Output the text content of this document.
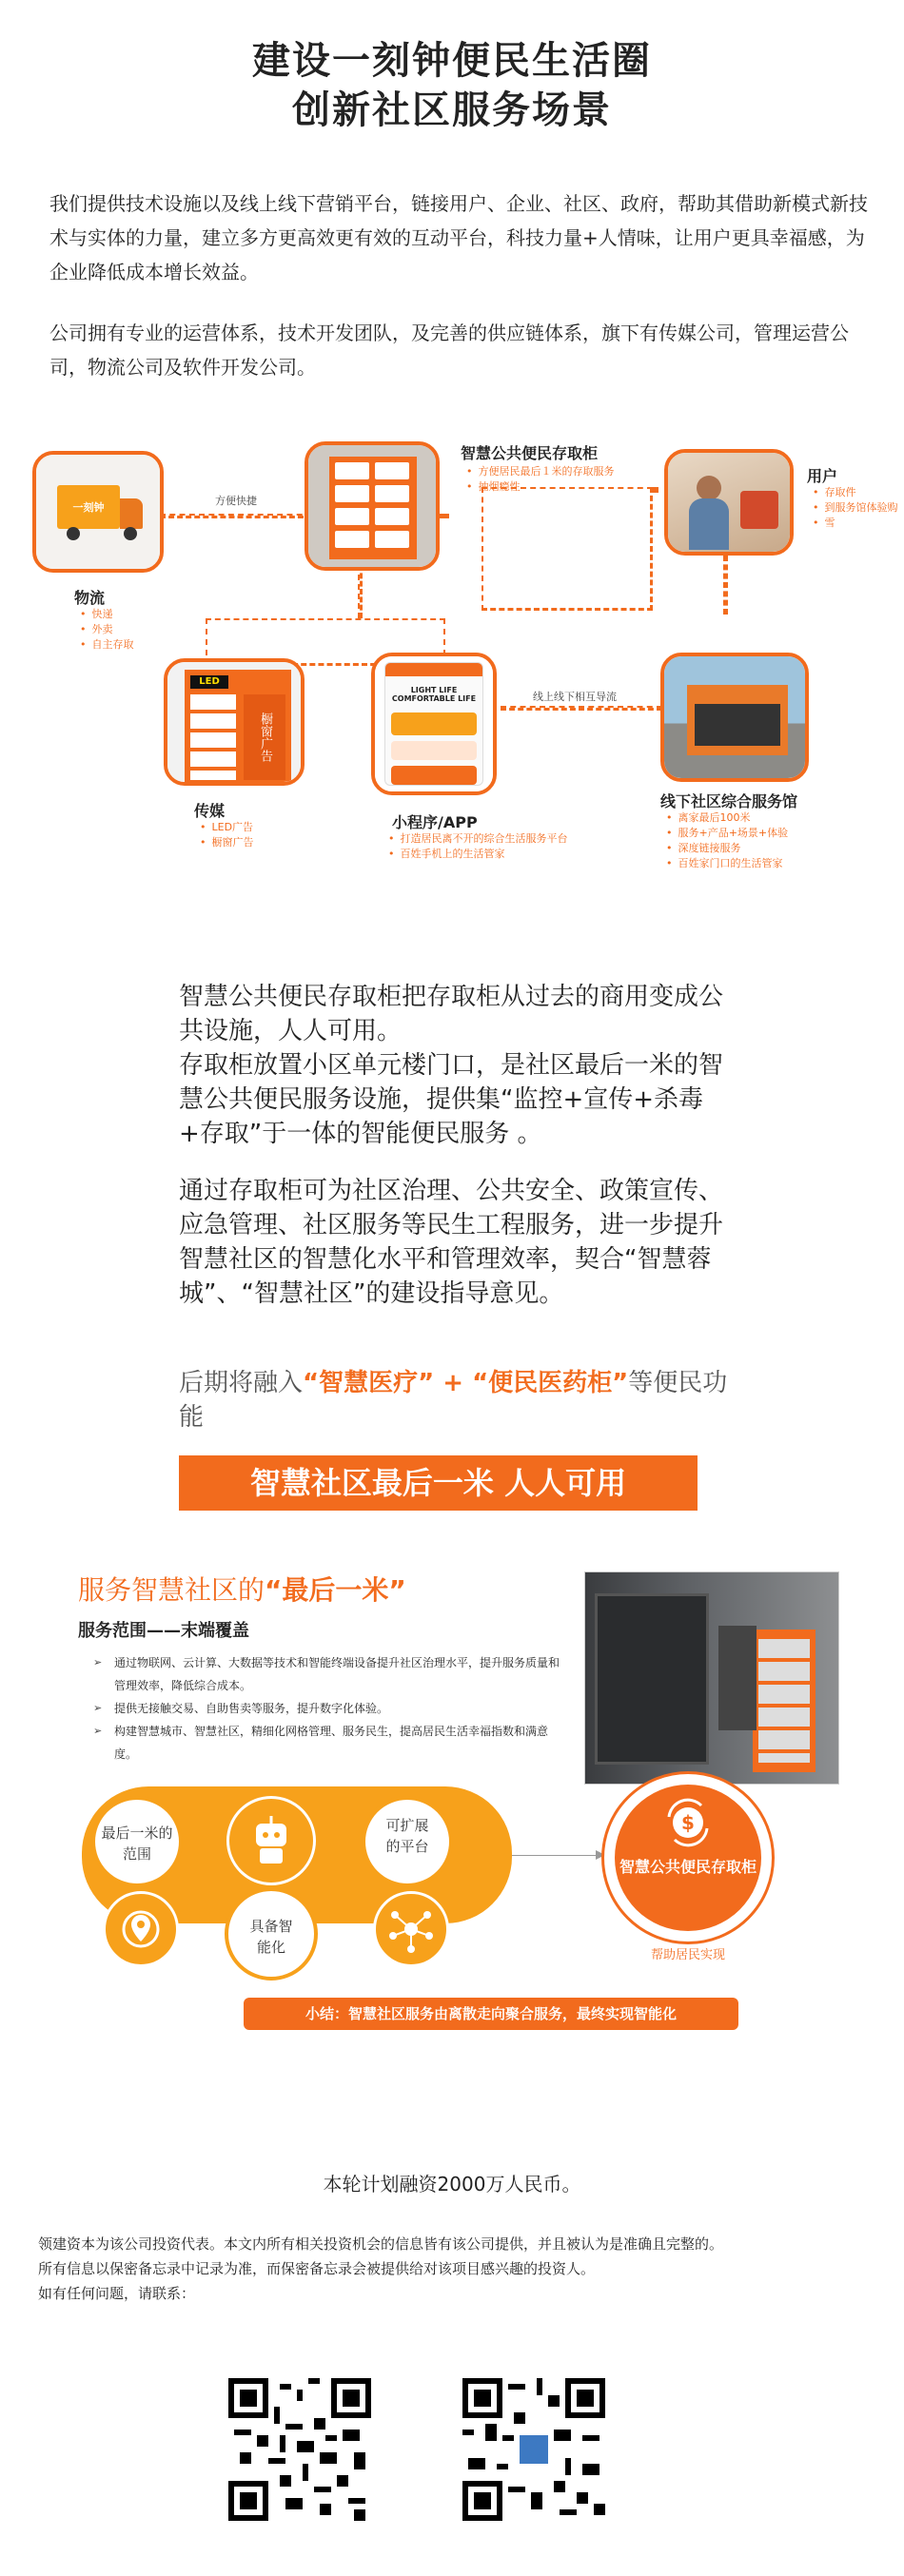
建设一刻钟便民生活圈
创新社区服务场景
我们提供技术设施以及线上线下营销平台，链接用户、企业、社区、政府，帮助其借助新模式新技术与实体的力量，建立多方更高效更有效的互动平台，科技力量+人情味，让用户更具幸福感，为企业降低成本增长效益。
公司拥有专业的运营体系，技术开发团队，及完善的供应链体系，旗下有传媒公司，管理运营公司，物流公司及软件开发公司。
方便快捷
线上线下相互导流
一刻钟
物流
• 快递
• 外卖
• 自主存取
智慧公共便民存取柜
• 方便居民最后１米的存取服务
• 抽烟瘾性
用户
• 存取件
• 到服务馆体验购
• 雪
LED
橱窗广告
传媒
• LED广告
• 橱窗广告
LIGHT LIFE COMFORTABLE LIFE
小程序/APP
• 打造居民离不开的综合生活服务平台
• 百姓手机上的生活管家
线下社区综合服务馆
• 离家最后100米
• 服务+产品+场景+体验
• 深度链接服务
• 百姓家门口的生活管家
智慧公共便民存取柜把存取柜从过去的商用变成公共设施，人人可用。
存取柜放置小区单元楼门口，是社区最后一米的智慧公共便民服务设施，提供集“监控+宣传+杀毒+存取”于一体的智能便民服务 。
通过存取柜可为社区治理、公共安全、政策宣传、应急管理、社区服务等民生工程服务，进一步提升智慧社区的智慧化水平和管理效率，契合“智慧蓉城”、“智慧社区”的建设指导意见。
后期将融入“智慧医疗” + “便民医药柜”等便民功能
智慧社区最后一米 人人可用
服务智慧社区的“最后一米”
服务范围——末端覆盖
➢ 通过物联网、云计算、大数据等技术和智能终端设备提升社区治理水平，提升服务质量和管理效率，降低综合成本。
➢ 提供无接触交易、自助售卖等服务，提升数字化体验。
➢ 构建智慧城市、智慧社区，精细化网格管理、服务民生，提高居民生活幸福指数和满意度。
最后一米的范围
具备智能化
可扩展的平台
$
智慧公共便民存取柜
帮助居民实现
小结：智慧社区服务由离散走向聚合服务，最终实现智能化
本轮计划融资2000万人民币。
领建资本为该公司投资代表。本文内所有相关投资机会的信息皆有该公司提供，并且被认为是准确且完整的。
所有信息以保密备忘录中记录为准，而保密备忘录会被提供给对该项目感兴趣的投资人。
如有任何问题，请联系：
